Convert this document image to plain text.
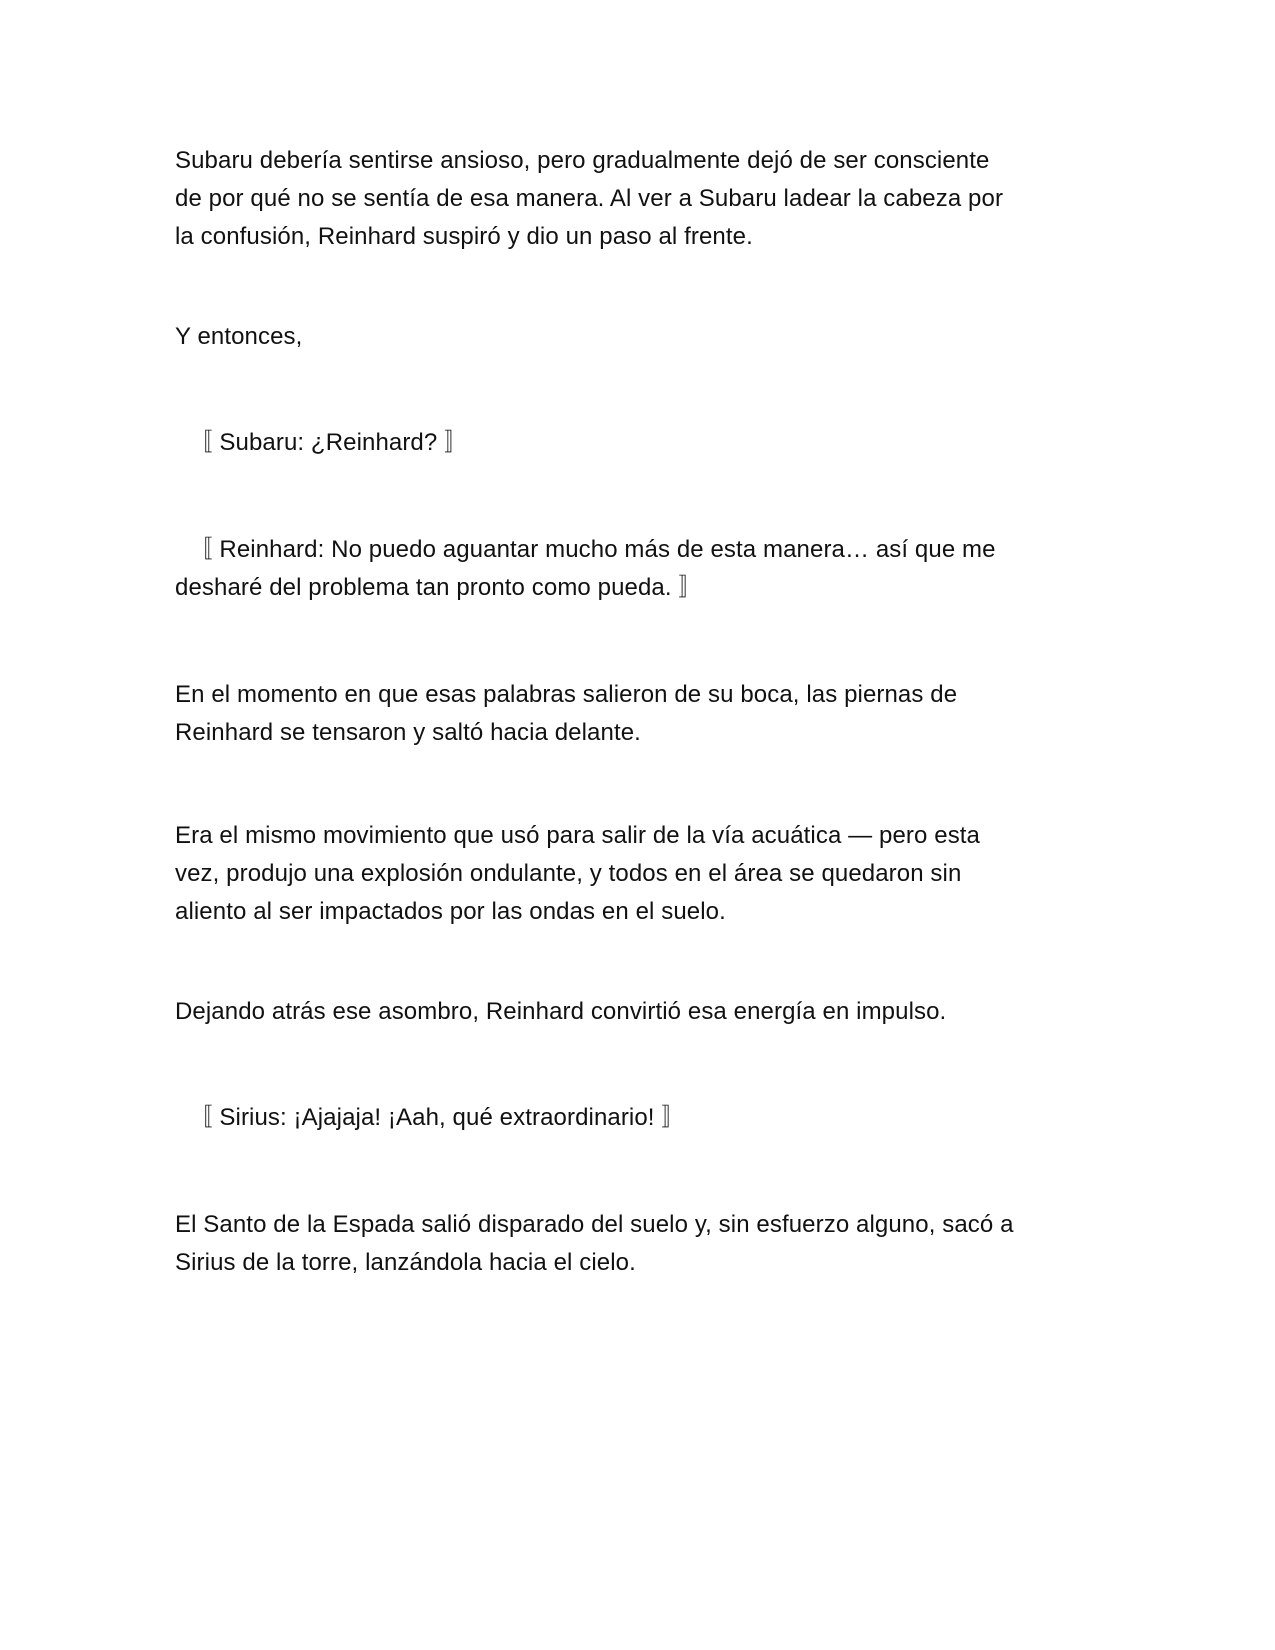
Subaru debería sentirse ansioso, pero gradualmente dejó de ser consciente
de por qué no se sentía de esa manera. Al ver a Subaru ladear la cabeza por
la confusión, Reinhard suspiró y dio un paso al frente.

Y entonces,

〚 Subaru: ¿Reinhard? 〛

〚 Reinhard: No puedo aguantar mucho más de esta manera… así que me
desharé del problema tan pronto como pueda. 〛

En el momento en que esas palabras salieron de su boca, las piernas de
Reinhard se tensaron y saltó hacia delante.

Era el mismo movimiento que usó para salir de la vía acuática — pero esta
vez, produjo una explosión ondulante, y todos en el área se quedaron sin
aliento al ser impactados por las ondas en el suelo.

Dejando atrás ese asombro, Reinhard convirtió esa energía en impulso.

〚 Sirius: ¡Ajajaja! ¡Aah, qué extraordinario! 〛

El Santo de la Espada salió disparado del suelo y, sin esfuerzo alguno, sacó a
Sirius de la torre, lanzándola hacia el cielo.
